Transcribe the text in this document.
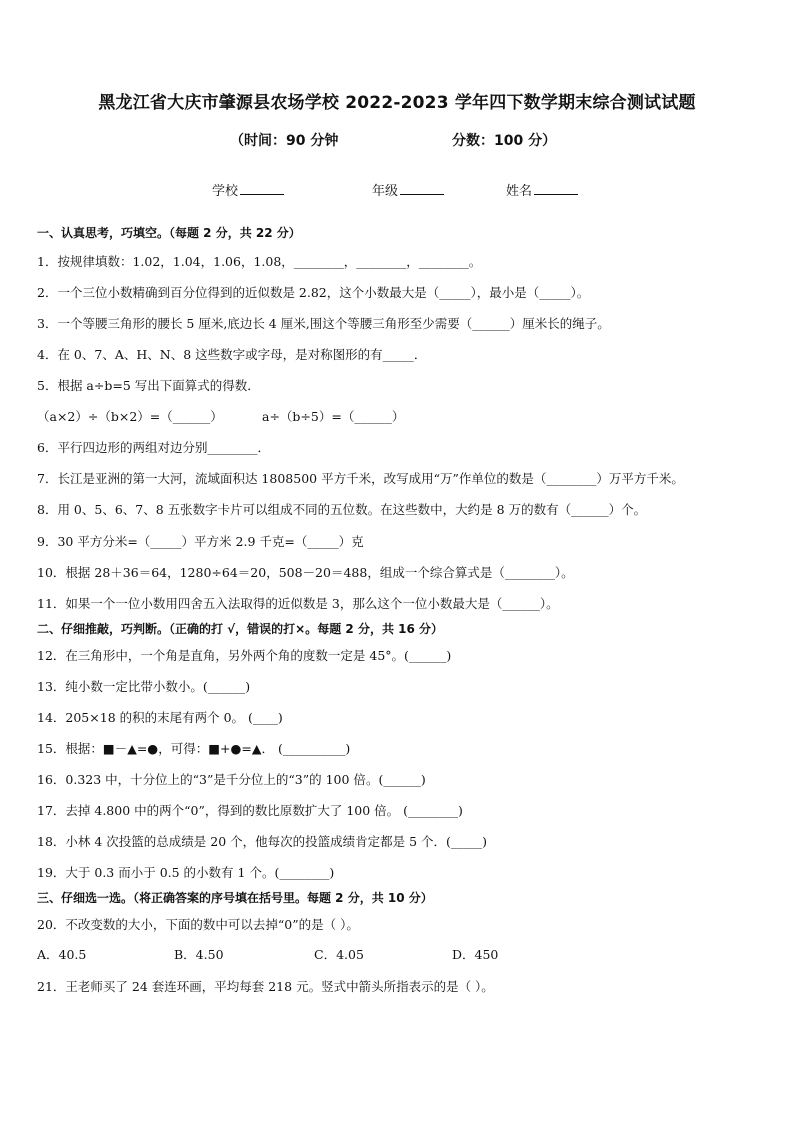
黑龙江省大庆市肇源县农场学校 2022-2023 学年四下数学期末综合测试试题
（时间：90 分钟	分数：100 分）
学校	年级	姓名
一、认真思考，巧填空。（每题 2 分，共 22 分）
1．按规律填数：1.02，1.04，1.06，1.08，________，________，________。
2．一个三位小数精确到百分位得到的近似数是 2.82，这个小数最大是（_____），最小是（_____）。
3．一个等腰三角形的腰长 5 厘米,底边长 4 厘米,围这个等腰三角形至少需要（______）厘米长的绳子。
4．在 0、7、A、H、N、8 这些数字或字母，是对称图形的有_____．
5．根据 a÷b=5 写出下面算式的得数．
（a×2）÷（b×2）=（______）	a÷（b÷5）=（______）
6．平行四边形的两组对边分别________．
7．长江是亚洲的第一大河，流域面积达 1808500 平方千米，改写成用“万”作单位的数是（________）万平方千米。
8．用 0、5、6、7、8 五张数字卡片可以组成不同的五位数。在这些数中，大约是 8 万的数有（______）个。
9．30 平方分米=（_____）平方米 2.9 千克=（_____）克
10．根据 28＋36＝64，1280÷64＝20，508－20＝488，组成一个综合算式是（________）。
11．如果一个一位小数用四舍五入法取得的近似数是 3，那么这个一位小数最大是（______）。
二、仔细推敲，巧判断。（正确的打 √，错误的打×。每题 2 分，共 16 分）
12．在三角形中，一个角是直角，另外两个角的度数一定是 45°。(______)
13．纯小数一定比带小数小。(______)
14．205×18 的积的末尾有两个 0。 (____)
15．根据：■－▲=●，可得：■+●=▲． (__________)
16．0.323 中，十分位上的“3”是千分位上的“3”的 100 倍。(______)
17．去掉 4.800 中的两个“0”，得到的数比原数扩大了 100 倍。 (________)
18．小林 4 次投篮的总成绩是 20 个，他每次的投篮成绩肯定都是 5 个．(_____)
19．大于 0.3 而小于 0.5 的小数有 1 个。(________)
三、仔细选一选。（将正确答案的序号填在括号里。每题 2 分，共 10 分）
20．不改变数的大小，下面的数中可以去掉“0”的是（ ）。
A．40.5	B．4.50	C．4.05	D．450
21．王老师买了 24 套连环画，平均每套 218 元。竖式中箭头所指表示的是（ ）。
